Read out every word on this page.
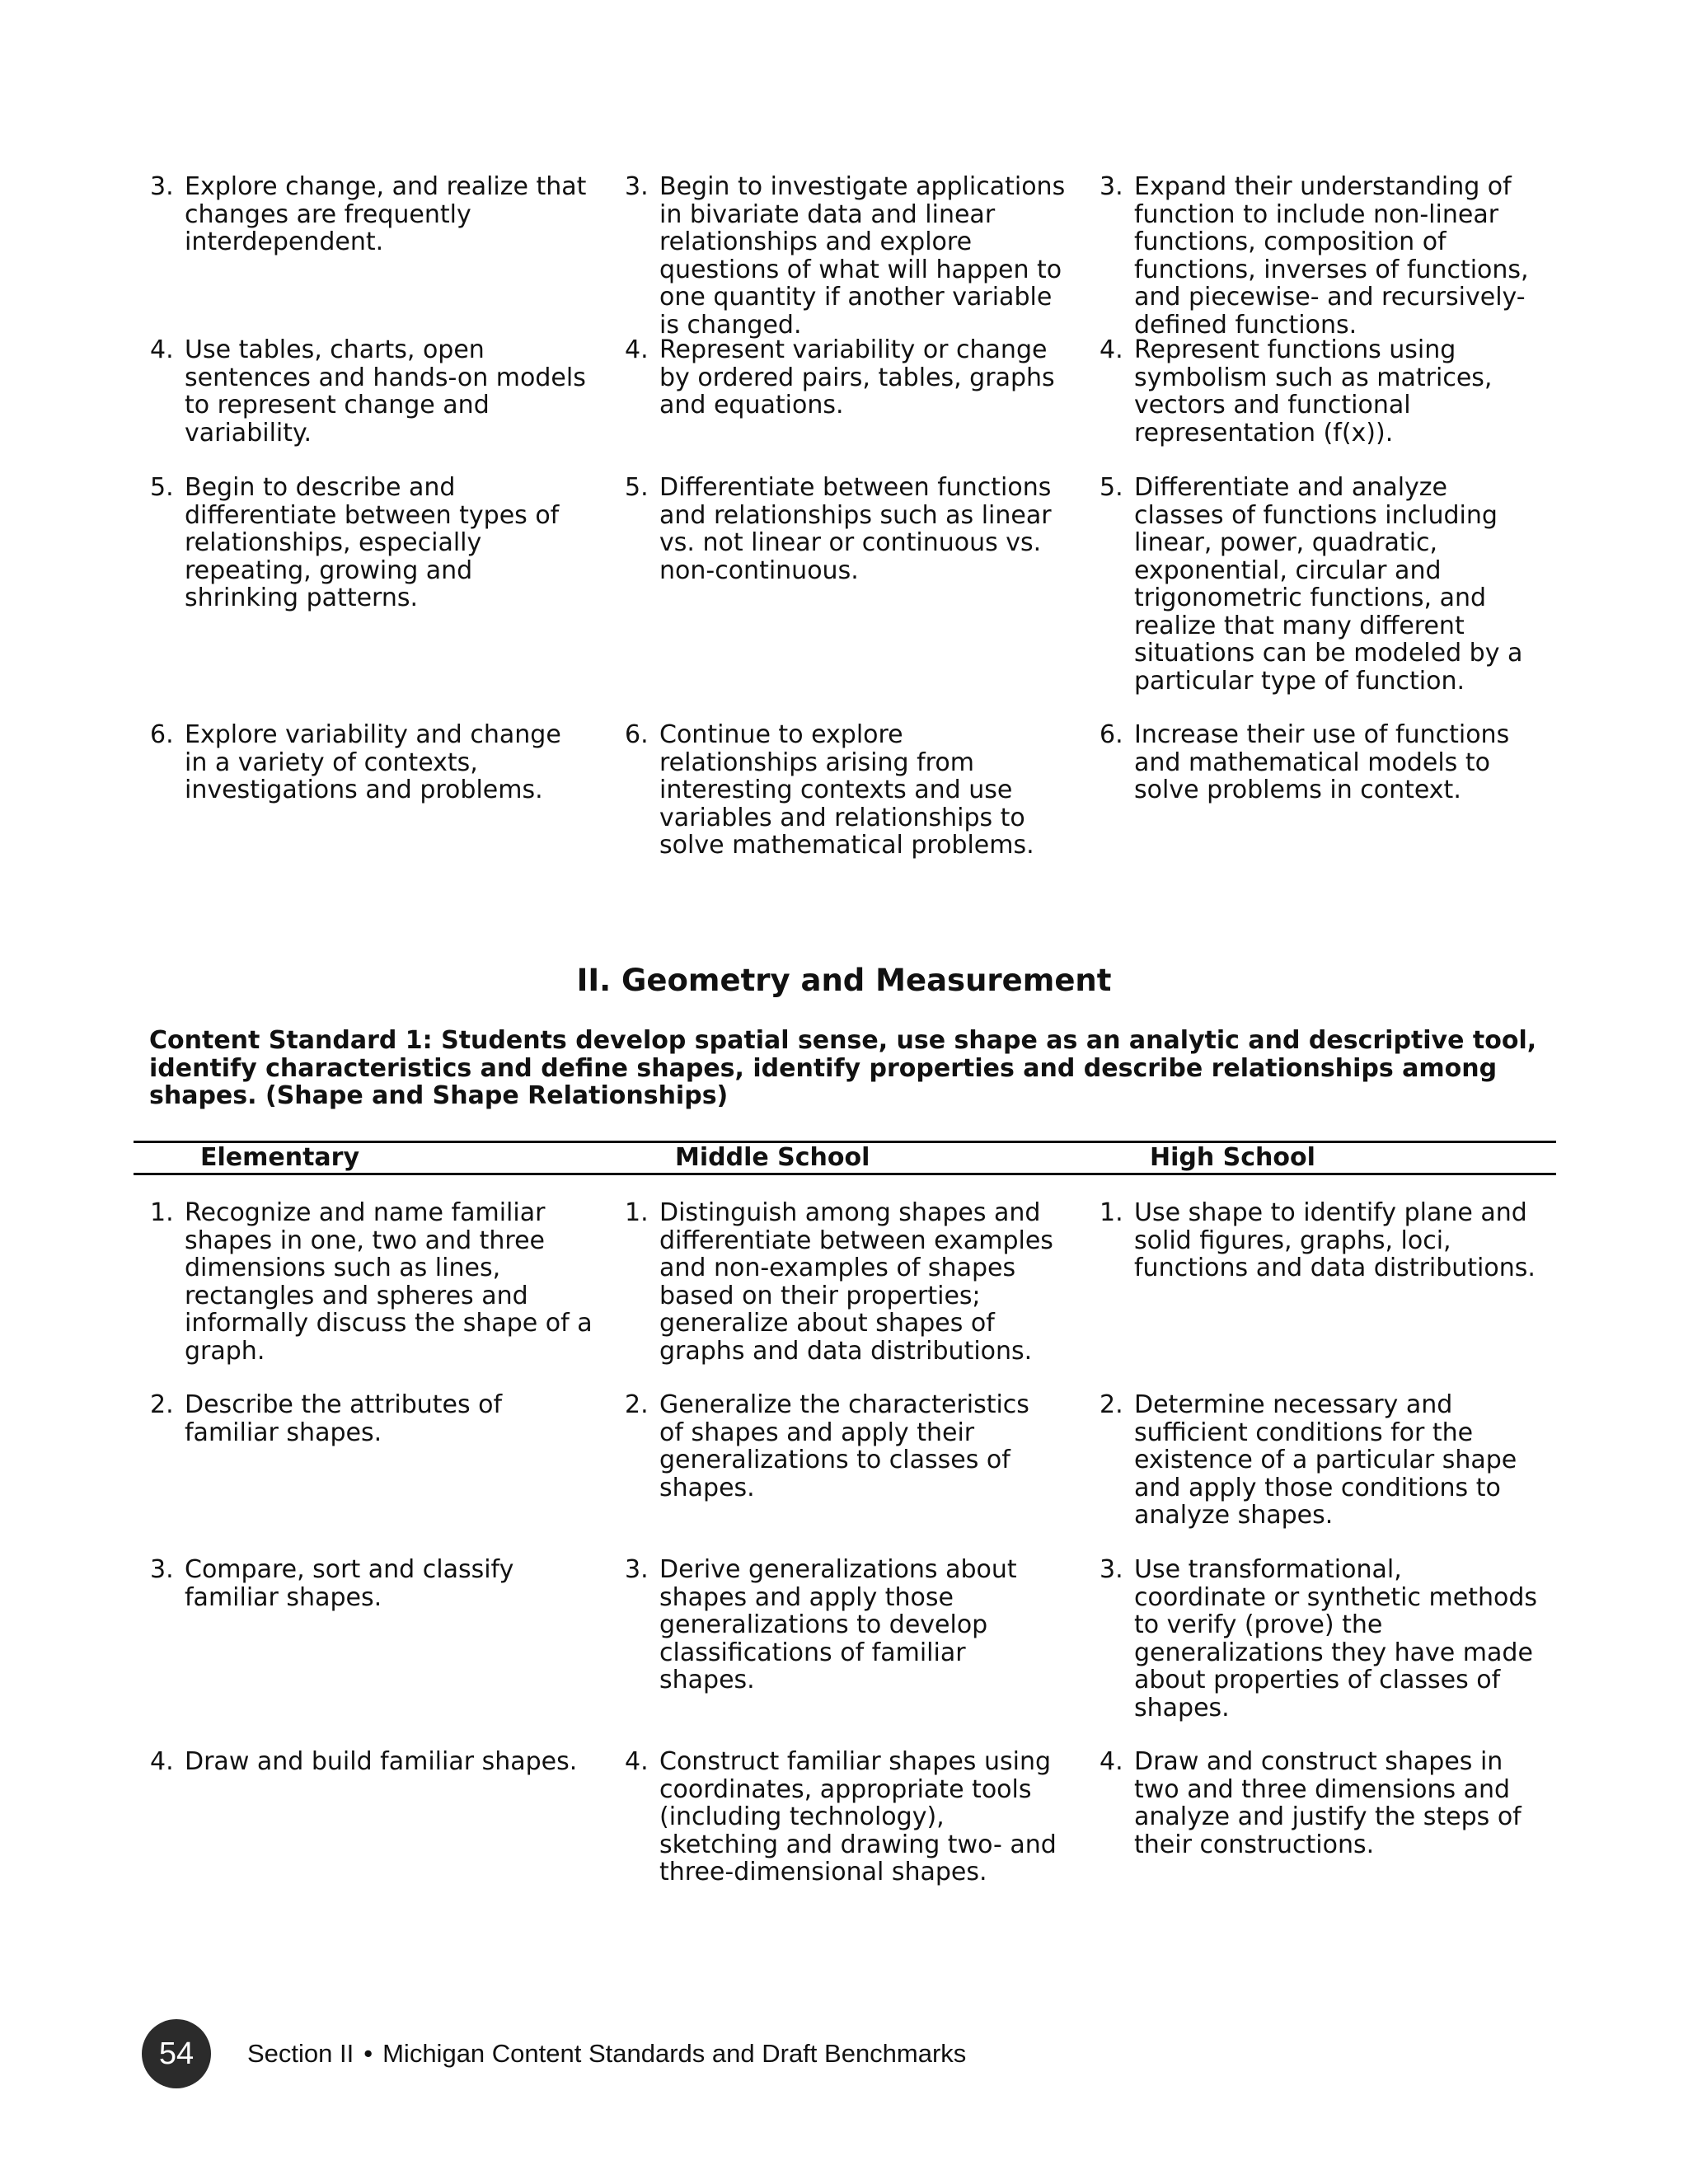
3. Explore change, and realize that
changes are frequently
interdependent.
3. Begin to investigate applications
in bivariate data and linear
relationships and explore
questions of what will happen to
one quantity if another variable
is changed.
3. Expand their understanding of
function to include non-linear
functions, composition of
functions, inverses of functions,
and piecewise- and recursively-
defined functions.
4. Use tables, charts, open
sentences and hands-on models
to represent change and
variability.
4. Represent variability or change
by ordered pairs, tables, graphs
and equations.
4. Represent functions using
symbolism such as matrices,
vectors and functional
representation (f(x)).
5. Begin to describe and
differentiate between types of
relationships, especially
repeating, growing and
shrinking patterns.
5. Differentiate between functions
and relationships such as linear
vs. not linear or continuous vs.
non-continuous.
5. Differentiate and analyze
classes of functions including
linear, power, quadratic,
exponential, circular and
trigonometric functions, and
realize that many different
situations can be modeled by a
particular type of function.
6. Explore variability and change
in a variety of contexts,
investigations and problems.
6. Continue to explore
relationships arising from
interesting contexts and use
variables and relationships to
solve mathematical problems.
6. Increase their use of functions
and mathematical models to
solve problems in context.
II. Geometry and Measurement
Content Standard 1: Students develop spatial sense, use shape as an analytic and descriptive tool,
identify characteristics and define shapes, identify properties and describe relationships among
shapes. (Shape and Shape Relationships)
Elementary	Middle School	High School
1. Recognize and name familiar
shapes in one, two and three
dimensions such as lines,
rectangles and spheres and
informally discuss the shape of a
graph.
1. Distinguish among shapes and
differentiate between examples
and non-examples of shapes
based on their properties;
generalize about shapes of
graphs and data distributions.
1. Use shape to identify plane and
solid figures, graphs, loci,
functions and data distributions.
2. Describe the attributes of
familiar shapes.
2. Generalize the characteristics
of shapes and apply their
generalizations to classes of
shapes.
2. Determine necessary and
sufficient conditions for the
existence of a particular shape
and apply those conditions to
analyze shapes.
3. Compare, sort and classify
familiar shapes.
3. Derive generalizations about
shapes and apply those
generalizations to develop
classifications of familiar
shapes.
3. Use transformational,
coordinate or synthetic methods
to verify (prove) the
generalizations they have made
about properties of classes of
shapes.
4. Draw and build familiar shapes.	4. Construct familiar shapes using
coordinates, appropriate tools
(including technology),
sketching and drawing two- and
three-dimensional shapes.
4. Draw and construct shapes in
two and three dimensions and
analyze and justify the steps of
their constructions.
54	Section II • Michigan Content Standards and Draft Benchmarks
